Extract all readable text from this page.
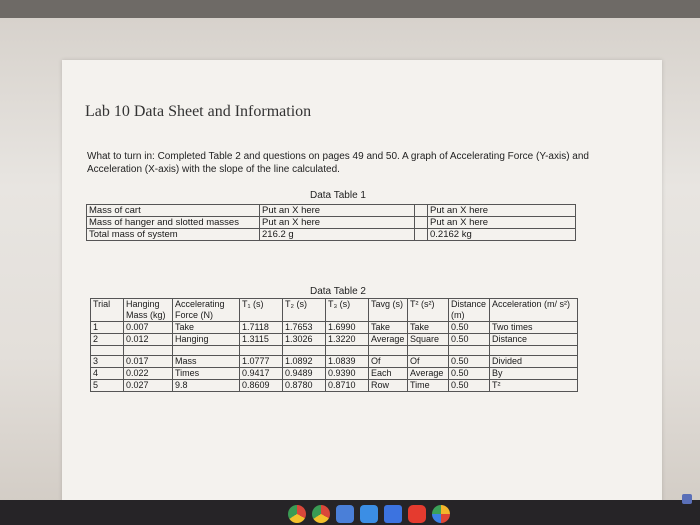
Lab 10 Data Sheet and Information
What to turn in: Completed Table 2 and questions on pages 49 and 50. A graph of Accelerating Force (Y-axis) and Acceleration (X-axis) with the slope of the line calculated.
Data Table 1
Mass of cart	Put an X here		Put an X here
Mass of hanger and slotted masses	Put an X here		Put an X here
Total mass of system	216.2 g		0.2162 kg
Data Table 2
Trial	Hanging Mass (kg)	Accelerating Force (N)	T₁ (s)	T₂ (s)	T₃ (s)	Tavg (s)	T² (s²)	Distance (m)	Acceleration (m/ s²)
1	0.007	Take	1.7118	1.7653	1.6990	Take	Take	0.50	Two times
2	0.012	Hanging	1.3115	1.3026	1.3220	Average	Square	0.50	Distance

3	0.017	Mass	1.0777	1.0892	1.0839	Of	Of	0.50	Divided
4	0.022	Times	0.9417	0.9489	0.9390	Each	Average	0.50	By
5	0.027	9.8	0.8609	0.8780	0.8710	Row	Time	0.50	T²
